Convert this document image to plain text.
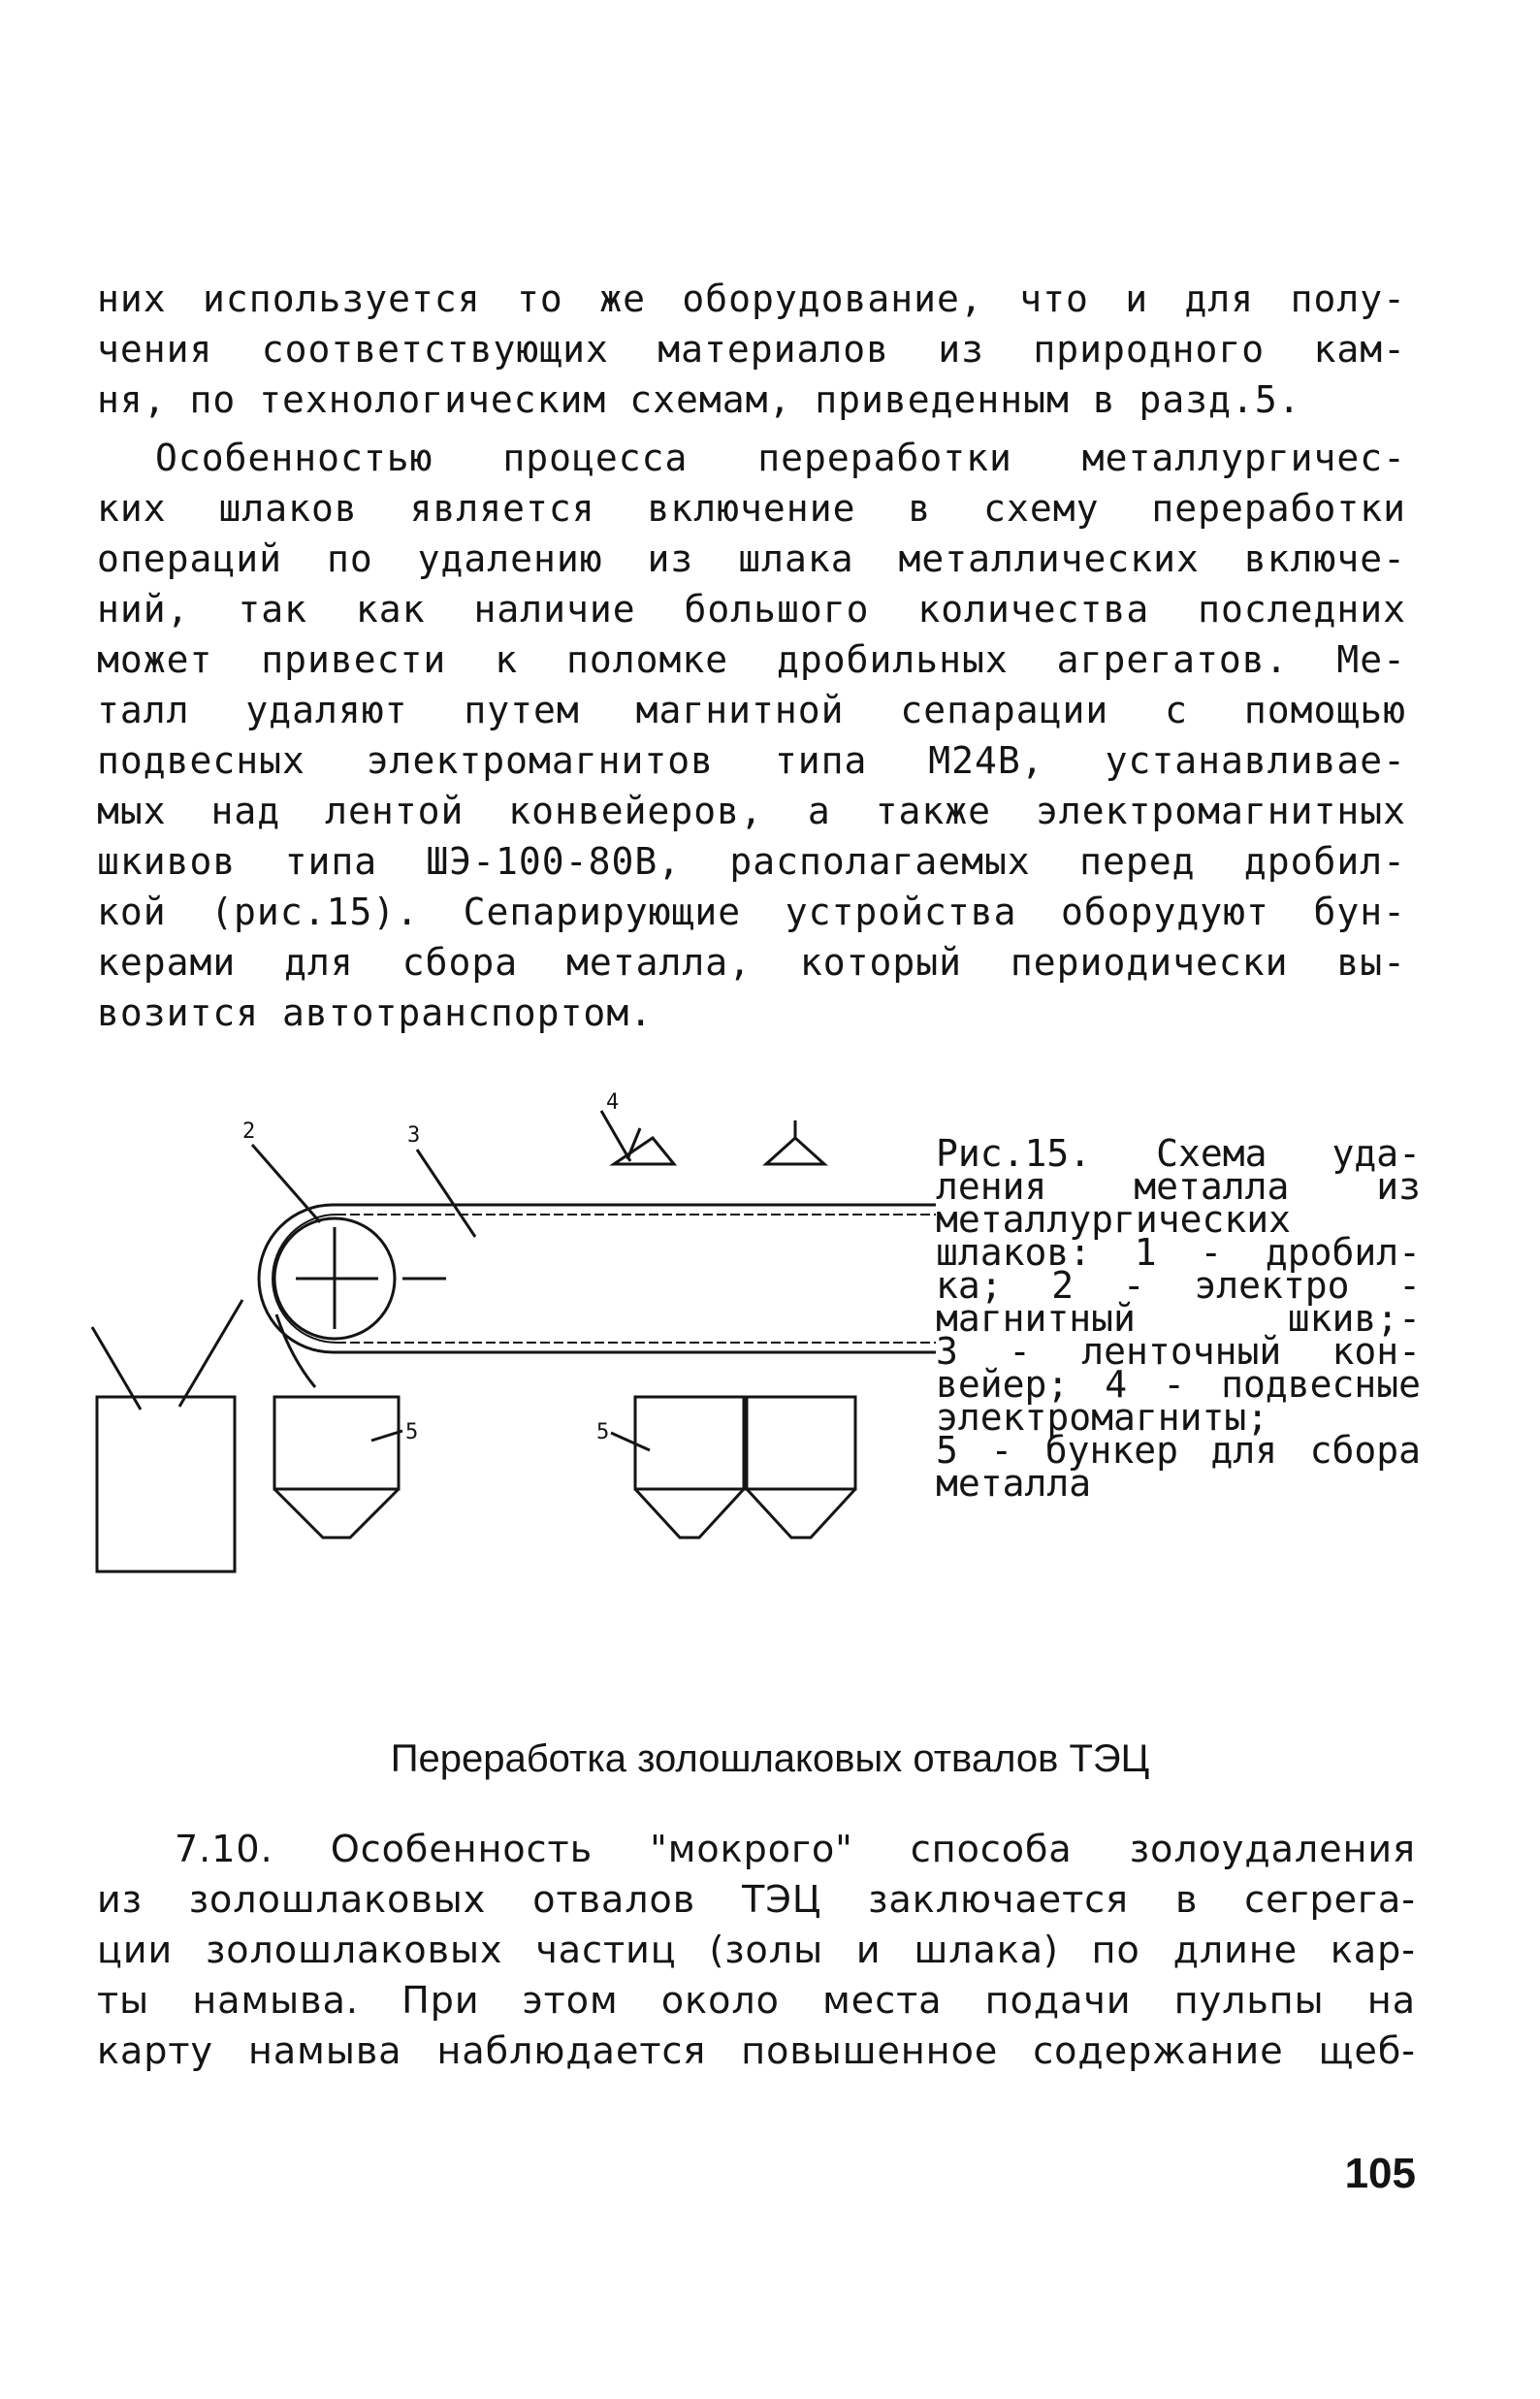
них используется то же оборудование, что и для полу-
чения соответствующих материалов из природного кам-
ня, по технологическим схемам, приведенным в разд.5.
Особенностью процесса переработки металлургичес-
ких шлаков является включение в схему переработки
операций по удалению из шлака металлических включе-
ний, так как наличие большого количества последних
может привести к поломке дробильных агрегатов. Ме-
талл удаляют путем магнитной сепарации с помощью
подвесных электромагнитов типа М24В, устанавливае-
мых над лентой конвейеров, а также электромагнитных
шкивов типа ШЭ-100-80В, располагаемых перед дробил-
кой (рис.15). Сепарирующие устройства оборудуют бун-
керами для сбора металла, который периодически вы-
возится автотранспортом.
2	3
4
5	5
Рис.15. Схема уда-
ления металла из
металлургических
шлаков: 1 - дробил-
ка; 2 - электро -
магнитный шкив;-
3 - ленточный кон-
вейер; 4 - подвесные
электромагниты;
5 - бункер для сбора
металла
Переработка золошлаковых отвалов ТЭЦ
7.10. Особенность "мокрого" способа золоудаления
из золошлаковых отвалов ТЭЦ заключается в сегрега-
ции золошлаковых частиц (золы и шлака) по длине кар-
ты намыва. При этом около места подачи пульпы на
карту намыва наблюдается повышенное содержание щеб-
105
